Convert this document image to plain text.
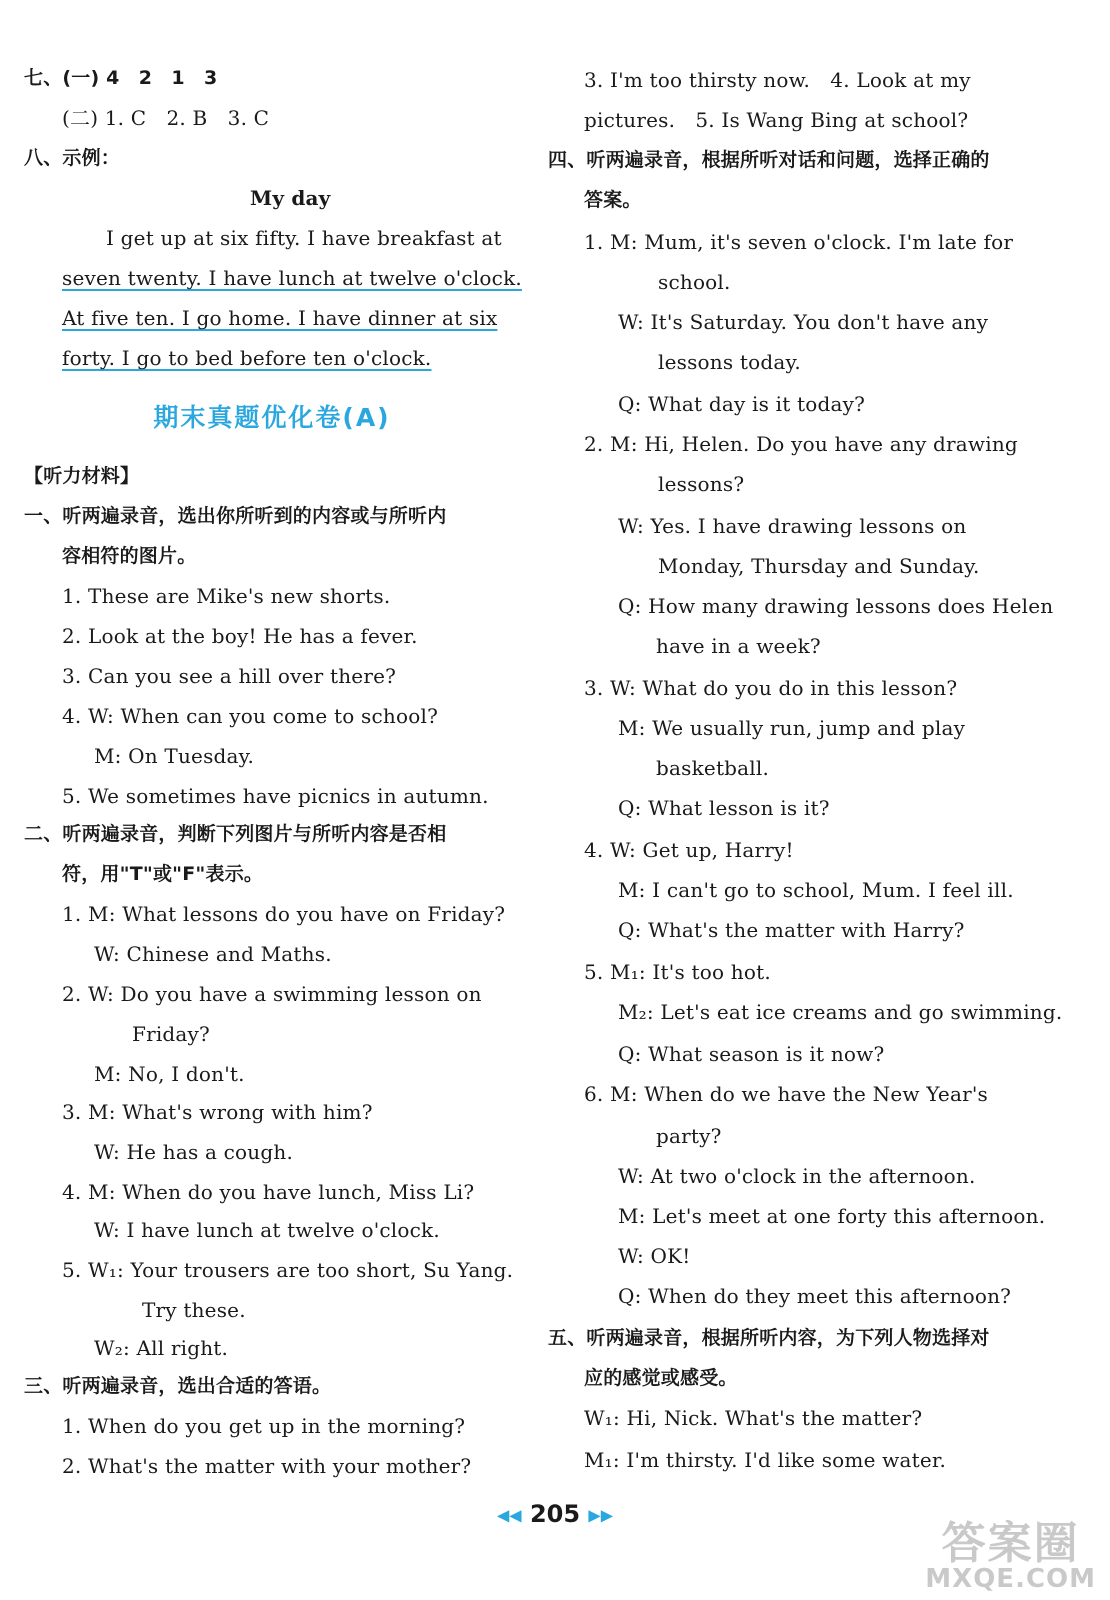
七、(一) 4　2　1　3
(二) 1. C　2. B　3. C
八、示例：
My day
I get up at six fifty. I have breakfast at
seven twenty. I have lunch at twelve o'clock.
At five ten. I go home. I have dinner at six
forty. I go to bed before ten o'clock.
期末真题优化卷(A)
【听力材料】
一、听两遍录音，选出你所听到的内容或与所听内
容相符的图片。
1. These are Mike's new shorts.
2. Look at the boy! He has a fever.
3. Can you see a hill over there?
4. W: When can you come to school?
M: On Tuesday.
5. We sometimes have picnics in autumn.
二、听两遍录音，判断下列图片与所听内容是否相
符，用"T"或"F"表示。
1. M: What lessons do you have on Friday?
W: Chinese and Maths.
2. W: Do you have a swimming lesson on
Friday?
M: No, I don't.
3. M: What's wrong with him?
W: He has a cough.
4. M: When do you have lunch, Miss Li?
W: I have lunch at twelve o'clock.
5. W₁: Your trousers are too short, Su Yang.
Try these.
W₂: All right.
三、听两遍录音，选出合适的答语。
1. When do you get up in the morning?
2. What's the matter with your mother?
3. I'm too thirsty now.　4. Look at my
pictures.　5. Is Wang Bing at school?
四、听两遍录音，根据所听对话和问题，选择正确的
答案。
1. M: Mum, it's seven o'clock. I'm late for
school.
W: It's Saturday. You don't have any
lessons today.
Q: What day is it today?
2. M: Hi, Helen. Do you have any drawing
lessons?
W: Yes. I have drawing lessons on
Monday, Thursday and Sunday.
Q: How many drawing lessons does Helen
have in a week?
3. W: What do you do in this lesson?
M: We usually run, jump and play
basketball.
Q: What lesson is it?
4. W: Get up, Harry!
M: I can't go to school, Mum. I feel ill.
Q: What's the matter with Harry?
5. M₁: It's too hot.
M₂: Let's eat ice creams and go swimming.
Q: What season is it now?
6. M: When do we have the New Year's
party?
W: At two o'clock in the afternoon.
M: Let's meet at one forty this afternoon.
W: OK!
Q: When do they meet this afternoon?
五、听两遍录音，根据所听内容，为下列人物选择对
应的感觉或感受。
W₁: Hi, Nick. What's the matter?
M₁: I'm thirsty. I'd like some water.
◀◀ 205 ▶▶
答案圈
MXQE.COM
